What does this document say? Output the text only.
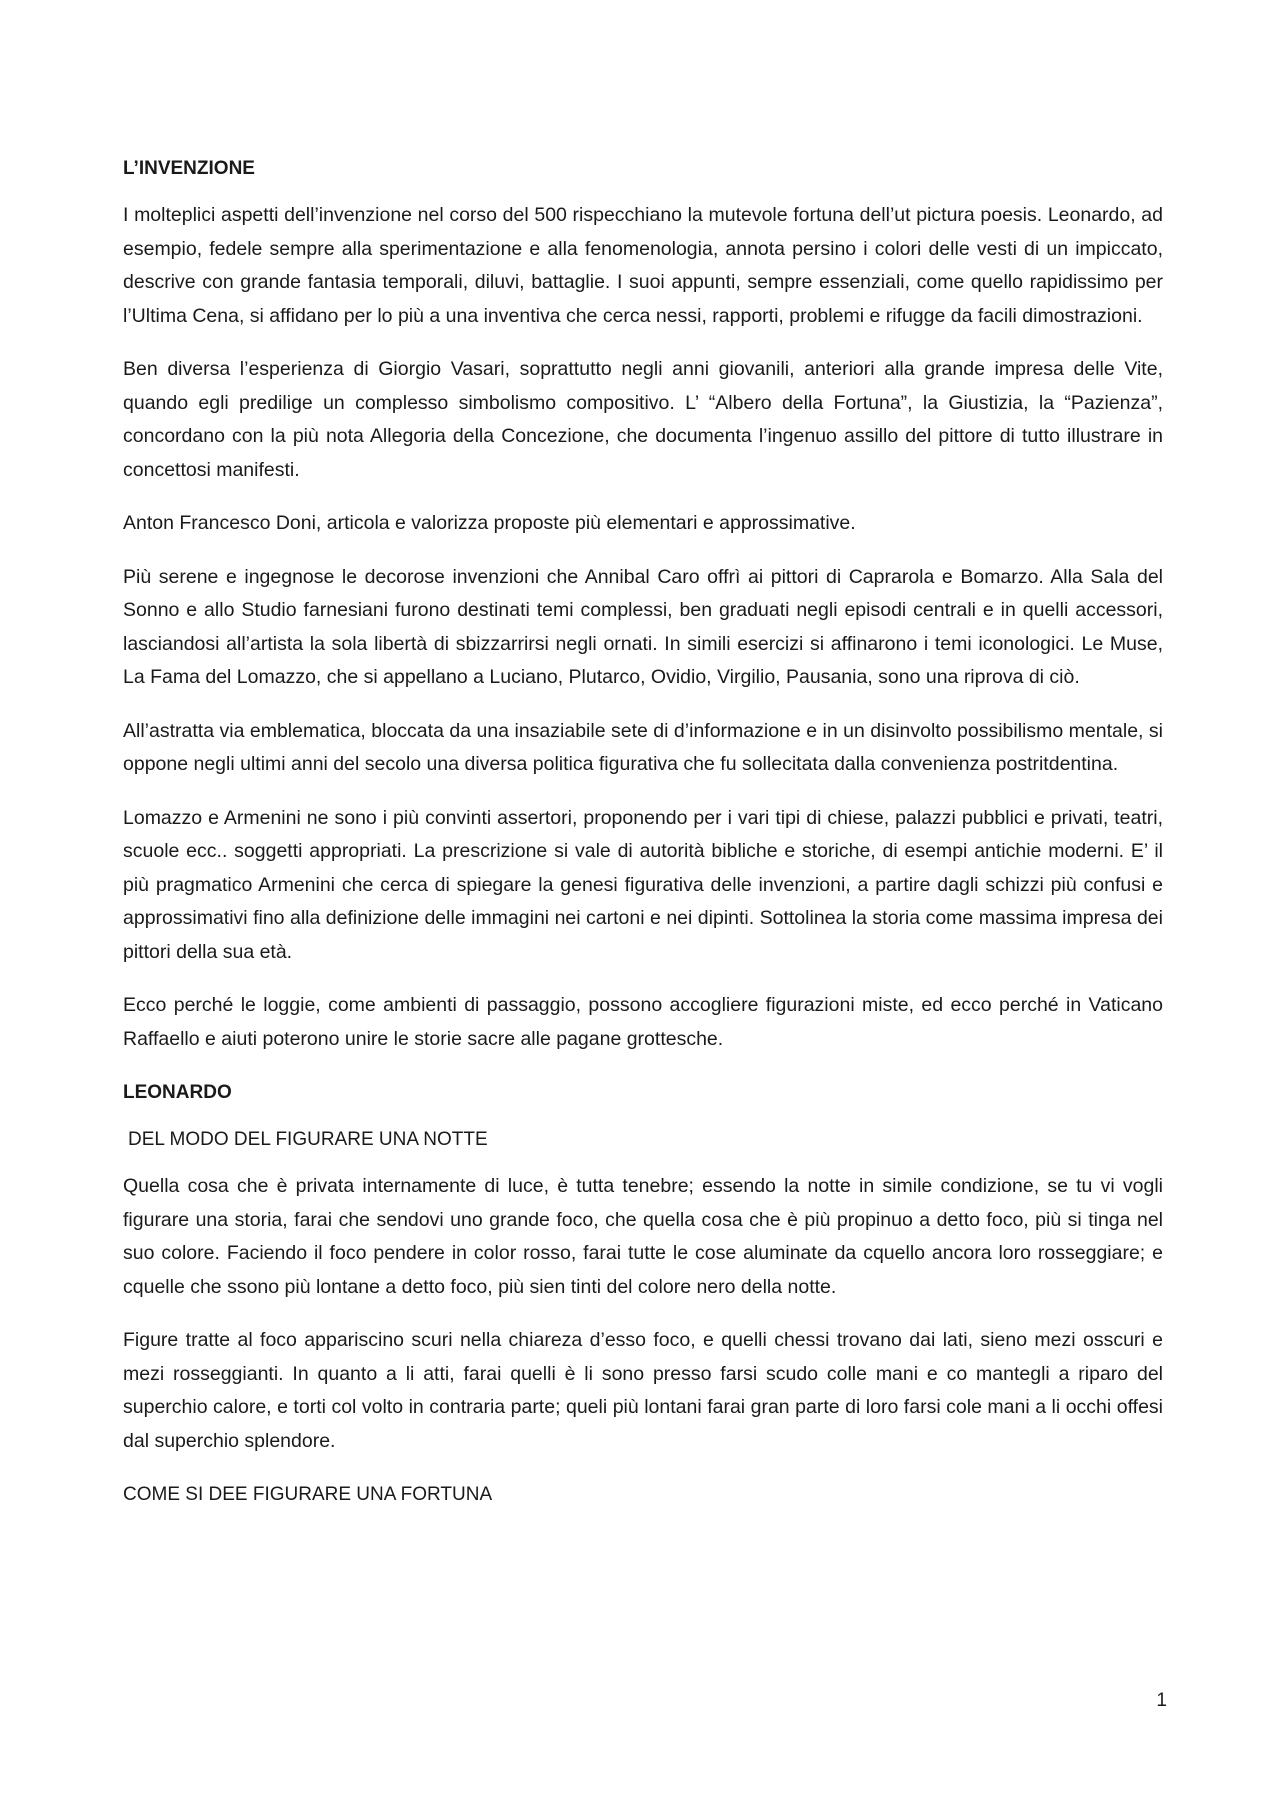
L’INVENZIONE

I molteplici aspetti dell’invenzione nel corso del 500 rispecchiano la mutevole fortuna dell’ut pictura poesis. Leonardo, ad esempio, fedele sempre alla sperimentazione e alla fenomenologia, annota persino i colori delle vesti di un impiccato, descrive con grande fantasia temporali, diluvi, battaglie. I suoi appunti, sempre essenziali, come quello rapidissimo per l’Ultima Cena, si affidano per lo più a una inventiva che cerca nessi, rapporti, problemi e rifugge da facili dimostrazioni.

Ben diversa l’esperienza di Giorgio Vasari, soprattutto negli anni giovanili, anteriori alla grande impresa delle Vite, quando egli predilige un complesso simbolismo compositivo. L’ “Albero della Fortuna”, la Giustizia, la “Pazienza”, concordano con la più nota Allegoria della Concezione, che documenta l’ingenuo assillo del pittore di tutto illustrare in concettosi manifesti.

Anton Francesco Doni, articola e valorizza proposte più elementari e approssimative.

Più serene e ingegnose le decorose invenzioni che Annibal Caro offrì ai pittori di Caprarola e Bomarzo. Alla Sala del Sonno e allo Studio farnesiani furono destinati temi complessi, ben graduati negli episodi centrali e in quelli accessori, lasciandosi all’artista la sola libertà di sbizzarrirsi negli ornati. In simili esercizi si affinarono i temi iconologici. Le Muse, La Fama del Lomazzo, che si appellano a Luciano, Plutarco, Ovidio, Virgilio, Pausania, sono una riprova di ciò.

All’astratta via emblematica, bloccata da una insaziabile sete di d’informazione e in un disinvolto possibilismo mentale, si oppone negli ultimi anni del secolo una diversa politica figurativa che fu sollecitata dalla convenienza postritdentina.

Lomazzo e Armenini ne sono i più convinti assertori, proponendo per i vari tipi di chiese, palazzi pubblici e privati, teatri, scuole ecc.. soggetti appropriati. La prescrizione si vale di autorità bibliche e storiche, di esempi antichie moderni. E’ il più pragmatico Armenini che cerca di spiegare la genesi figurativa delle invenzioni, a partire dagli schizzi più confusi e approssimativi fino alla definizione delle immagini nei cartoni e nei dipinti. Sottolinea la storia come massima impresa dei pittori della sua età.

Ecco perché le loggie, come ambienti di passaggio, possono accogliere figurazioni miste, ed ecco perché in Vaticano Raffaello e aiuti poterono unire le storie sacre alle pagane grottesche.

LEONARDO
DEL MODO DEL FIGURARE UNA NOTTE

Quella cosa che è privata internamente di luce, è tutta tenebre; essendo la notte in simile condizione, se tu vi vogli figurare una storia, farai che sendovi uno grande foco, che quella cosa che è più propinuo a detto foco, più si tinga nel suo colore. Faciendo il foco pendere in color rosso, farai tutte le cose aluminate da cquello ancora loro rosseggiare; e cquelle che ssono più lontane a detto foco, più sien tinti del colore nero della notte.

Figure tratte al foco appariscino scuri nella chiareza d’esso foco, e quelli chessi trovano dai lati, sieno mezi osscuri e mezi rosseggianti. In quanto a li atti, farai quelli è li sono presso farsi scudo colle mani e co mantegli a riparo del superchio calore, e torti col volto in contraria parte; queli più lontani farai gran parte di loro farsi cole mani a li occhi offesi dal superchio splendore.

COME SI DEE FIGURARE UNA FORTUNA
1
